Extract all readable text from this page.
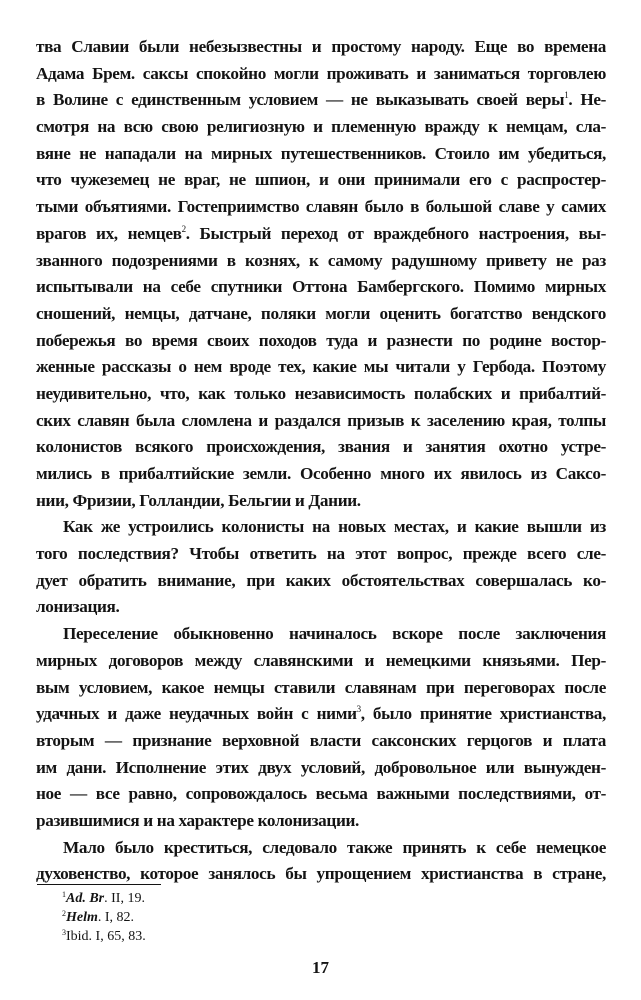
тва Славии были небезызвестны и простому народу. Еще во времена
Адама Брем. саксы спокойно могли проживать и заниматься торговлею
в Волине с единственным условием — не выказывать своей веры$^1$. Не-
смотря на всю свою религиозную и племенную вражду к немцам, сла-
вяне не нападали на мирных путешественников. Стоило им убедиться,
что чужеземец не враг, не шпион, и они принимали его с распростер-
тыми объятиями. Гостеприимство славян было в большой славе у самих
врагов их, немцев$^2$. Быстрый переход от враждебного настроения, вы-
званного подозрениями в кознях, к самому радушному привету не раз
испытывали на себе спутники Оттона Бамбергского. Помимо мирных
сношений, немцы, датчане, поляки могли оценить богатство вендского
побережья во время своих походов туда и разнести по родине востор-
женные рассказы о нем вроде тех, какие мы читали у Гербода. Поэтому
неудивительно, что, как только независимость полабских и прибалтий-
ских славян была сломлена и раздался призыв к заселению края, толпы
колонистов всякого происхождения, звания и занятия охотно устре-
мились в прибалтийские земли. Особенно много их явилось из Саксо-
нии, Фризии, Голландии, Бельгии и Дании.
Как же устроились колонисты на новых местах, и какие вышли из
того последствия? Чтобы ответить на этот вопрос, прежде всего сле-
дует обратить внимание, при каких обстоятельствах совершалась ко-
лонизация.
Переселение обыкновенно начиналось вскоре после заключения
мирных договоров между славянскими и немецкими князьями. Пер-
вым условием, какое немцы ставили славянам при переговорах после
удачных и даже неудачных войн с ними$^3$, было принятие христианства,
вторым — признание верховной власти саксонских герцогов и плата
им дани. Исполнение этих двух условий, добровольное или вынужден-
ное — все равно, сопровождалось весьма важными последствиями, от-
разившимися и на характере колонизации.
Мало было креститься, следовало также принять к себе немецкое
духовенство, которое занялось бы упрощением христианства в стране,
$^1$Ad. Br. II, 19.
$^2$Helm. I, 82.
$^3$Ibid. I, 65, 83.
17
